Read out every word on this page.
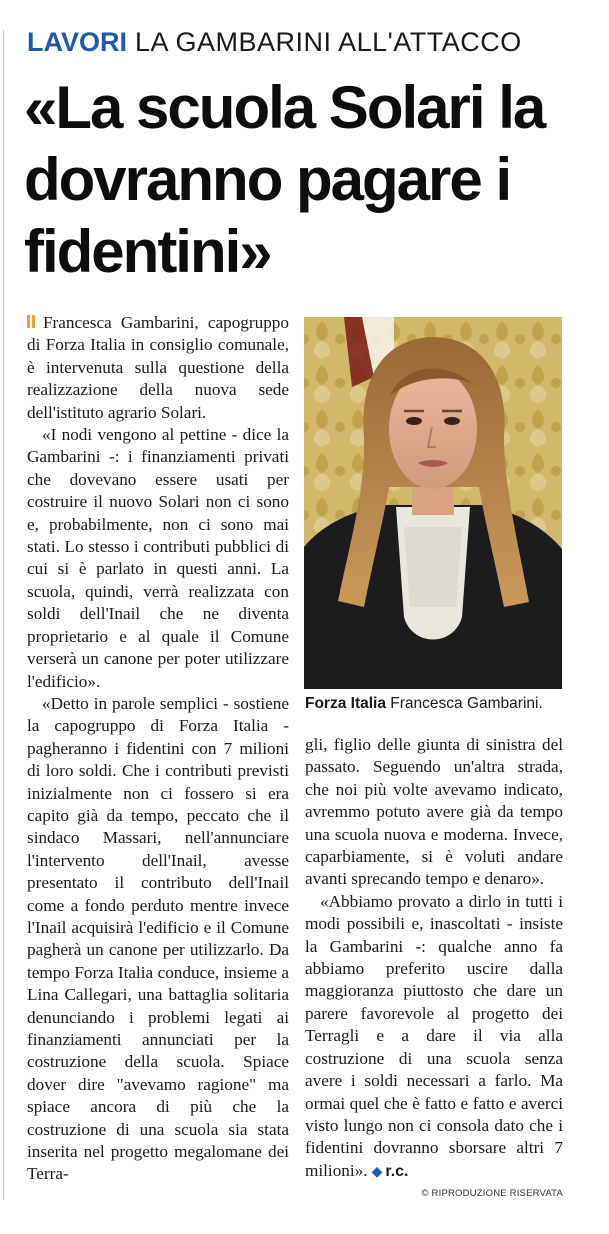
LAVORI LA GAMBARINI ALL'ATTACCO
«La scuola Solari la dovranno pagare i fidentini»

Francesca Gambarini, capogruppo di Forza Italia in consiglio comunale, è intervenuta sulla questione della realizzazione della nuova sede dell'istituto agrario Solari.

«I nodi vengono al pettine - dice la Gambarini -: i finanziamenti privati che dovevano essere usati per costruire il nuovo Solari non ci sono e, probabilmente, non ci sono mai stati. Lo stesso i contributi pubblici di cui si è parlato in questi anni. La scuola, quindi, verrà realizzata con soldi dell'Inail che ne diventa proprietario e al quale il Comune verserà un canone per poter utilizzare l'edificio».

«Detto in parole semplici - sostiene la capogruppo di Forza Italia - pagheranno i fidentini con 7 milioni di loro soldi. Che i contributi previsti inizialmente non ci fossero si era capito già da tempo, peccato che il sindaco Massari, nell'annunciare l'intervento dell'Inail, avesse presentato il contributo dell'Inail come a fondo perduto mentre invece l'Inail acquisirà l'edificio e il Comune pagherà un canone per utilizzarlo. Da tempo Forza Italia conduce, insieme a Lina Callegari, una battaglia solitaria denunciando i problemi legati ai finanziamenti annunciati per la costruzione della scuola. Spiace dover dire "avevamo ragione" ma spiace ancora di più che la costruzione di una scuola sia stata inserita nel progetto megalomane dei Terra-

Forza Italia Francesca Gambarini.

gli, figlio delle giunta di sinistra del passato. Seguendo un'altra strada, che noi più volte avevamo indicato, avremmo potuto avere già da tempo una scuola nuova e moderna. Invece, caparbiamente, si è voluti andare avanti sprecando tempo e denaro».

«Abbiamo provato a dirlo in tutti i modi possibili e, inascoltati - insiste la Gambarini -: qualche anno fa abbiamo preferito uscire dalla maggioranza piuttosto che dare un parere favorevole al progetto dei Terragli e a dare il via alla costruzione di una scuola senza avere i soldi necessari a farlo. Ma ormai quel che è fatto e fatto e averci visto lungo non ci consola dato che i fidentini dovranno sborsare altri 7 milioni». ◆ r.c.

© RIPRODUZIONE RISERVATA
